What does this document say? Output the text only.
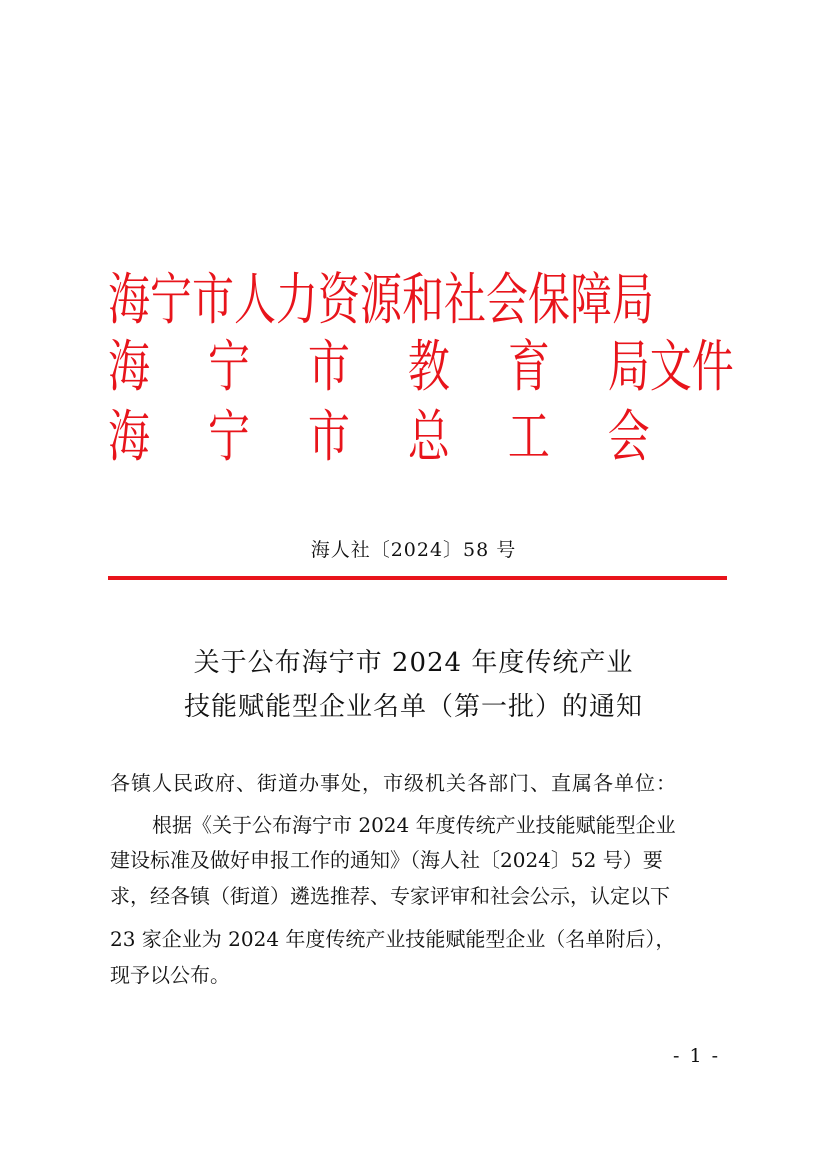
海 宁 市 人 力 资 源 和 社 会 保 障 局
海 宁 市 教 育 局 文 件
海 宁 市 总 工 会
海人社〔2024〕58 号
关于公布海宁市 2024 年度传统产业
技能赋能型企业名单（第一批）的通知
各镇人民政府、街道办事处，市级机关各部门、直属各单位：
根据《关于公布海宁市 2024 年度传统产业技能赋能型企业
建设标准及做好申报工作的通知》（海人社〔2024〕52 号）要
求，经各镇（街道）遴选推荐、专家评审和社会公示，认定以下
23 家企业为 2024 年度传统产业技能赋能型企业（名单附后），
现予以公布。
- 1 -
